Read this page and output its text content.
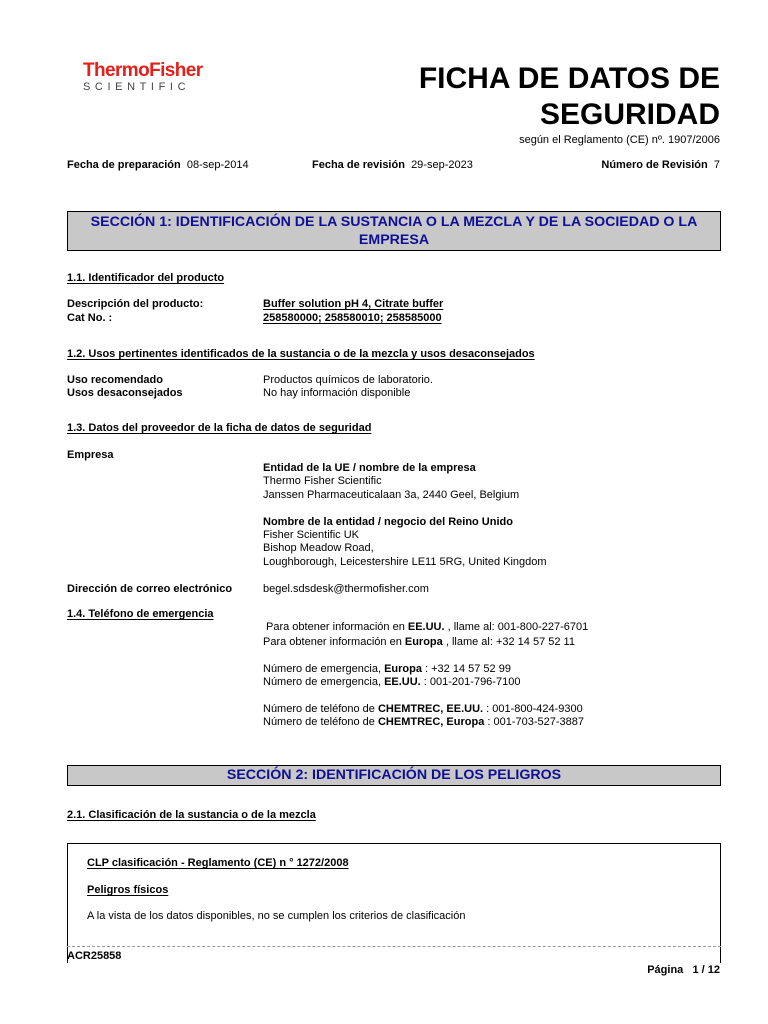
ThermoFisher
SCIENTIFIC	FICHA DE DATOS DE SEGURIDAD
según el Reglamento (CE) nº. 1907/2006
Fecha de preparación 08-sep-2014	Fecha de revisión 29-sep-2023	Número de Revisión 7
SECCIÓN 1: IDENTIFICACIÓN DE LA SUSTANCIA O LA MEZCLA Y DE LA SOCIEDAD O LA EMPRESA
1.1. Identificador del producto
Descripción del producto:	Buffer solution pH 4, Citrate buffer
Cat No. :	258580000; 258580010; 258585000
1.2. Usos pertinentes identificados de la sustancia o de la mezcla y usos desaconsejados
Uso recomendado	Productos químicos de laboratorio.
Usos desaconsejados	No hay información disponible
1.3. Datos del proveedor de la ficha de datos de seguridad
Empresa
Entidad de la UE / nombre de la empresa
Thermo Fisher Scientific
Janssen Pharmaceuticalaan 3a, 2440 Geel, Belgium
Nombre de la entidad / negocio del Reino Unido
Fisher Scientific UK
Bishop Meadow Road,
Loughborough, Leicestershire LE11 5RG, United Kingdom
Dirección de correo electrónico	begel.sdsdesk@thermofisher.com
1.4. Teléfono de emergencia
Para obtener información en EE.UU. , llame al: 001-800-227-6701
Para obtener información en Europa , llame al: +32 14 57 52 11
Número de emergencia, Europa : +32 14 57 52 99
Número de emergencia, EE.UU. : 001-201-796-7100
Número de teléfono de CHEMTREC, EE.UU. : 001-800-424-9300
Número de teléfono de CHEMTREC, Europa : 001-703-527-3887
SECCIÓN 2: IDENTIFICACIÓN DE LOS PELIGROS
2.1. Clasificación de la sustancia o de la mezcla
CLP clasificación - Reglamento (CE) n ° 1272/2008
Peligros físicos
A la vista de los datos disponibles, no se cumplen los criterios de clasificación
ACR25858
Página 1 / 12
